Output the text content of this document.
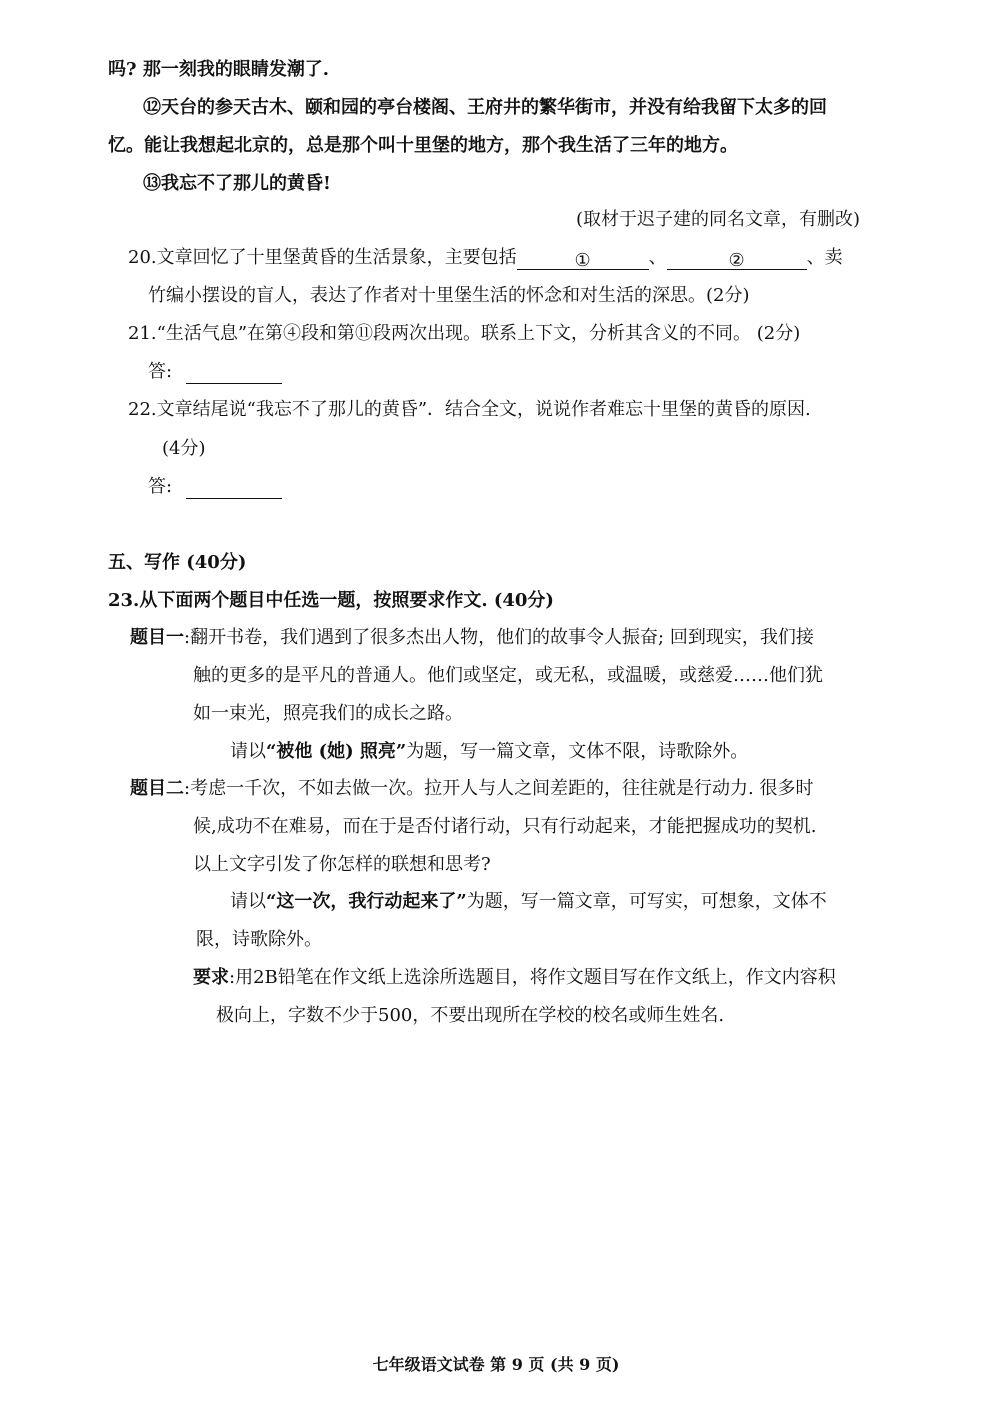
吗? 那一刻我的眼睛发潮了.
⑫天台的参天古木、颐和园的亭台楼阁、王府井的繁华街市，并没有给我留下太多的回
忆。能让我想起北京的，总是那个叫十里堡的地方，那个我生活了三年的地方。
⑬我忘不了那儿的黄昏!
(取材于迟子建的同名文章，有删改)
20.文章回忆了十里堡黄昏的生活景象，主要包括	①	、	②	、卖
竹编小摆设的盲人，表达了作者对十里堡生活的怀念和对生活的深思。(2分)
21.“生活气息”在第④段和第⑪段两次出现。联系上下文，分析其含义的不同。 (2分)
答:
22.文章结尾说“我忘不了那儿的黄昏”．结合全文，说说作者难忘十里堡的黄昏的原因.
(4分)
答:
五、写作 (40分)
23.从下面两个题目中任选一题，按照要求作文. (40分)
题目一:翻开书卷，我们遇到了很多杰出人物，他们的故事令人振奋; 回到现实，我们接
触的更多的是平凡的普通人。他们或坚定，或无私，或温暖，或慈爱……他们犹
如一束光，照亮我们的成长之路。
请以“被他 (她) 照亮”为题，写一篇文章，文体不限，诗歌除外。
题目二:考虑一千次，不如去做一次。拉开人与人之间差距的，往往就是行动力. 很多时
候,成功不在难易，而在于是否付诸行动，只有行动起来，才能把握成功的契机.
以上文字引发了你怎样的联想和思考?
请以“这一次，我行动起来了”为题，写一篇文章，可写实，可想象，文体不
限，诗歌除外。
要求:用2B铅笔在作文纸上选涂所选题目，将作文题目写在作文纸上，作文内容积
极向上，字数不少于500，不要出现所在学校的校名或师生姓名.
七年级语文试卷 第 9 页 (共 9 页)
